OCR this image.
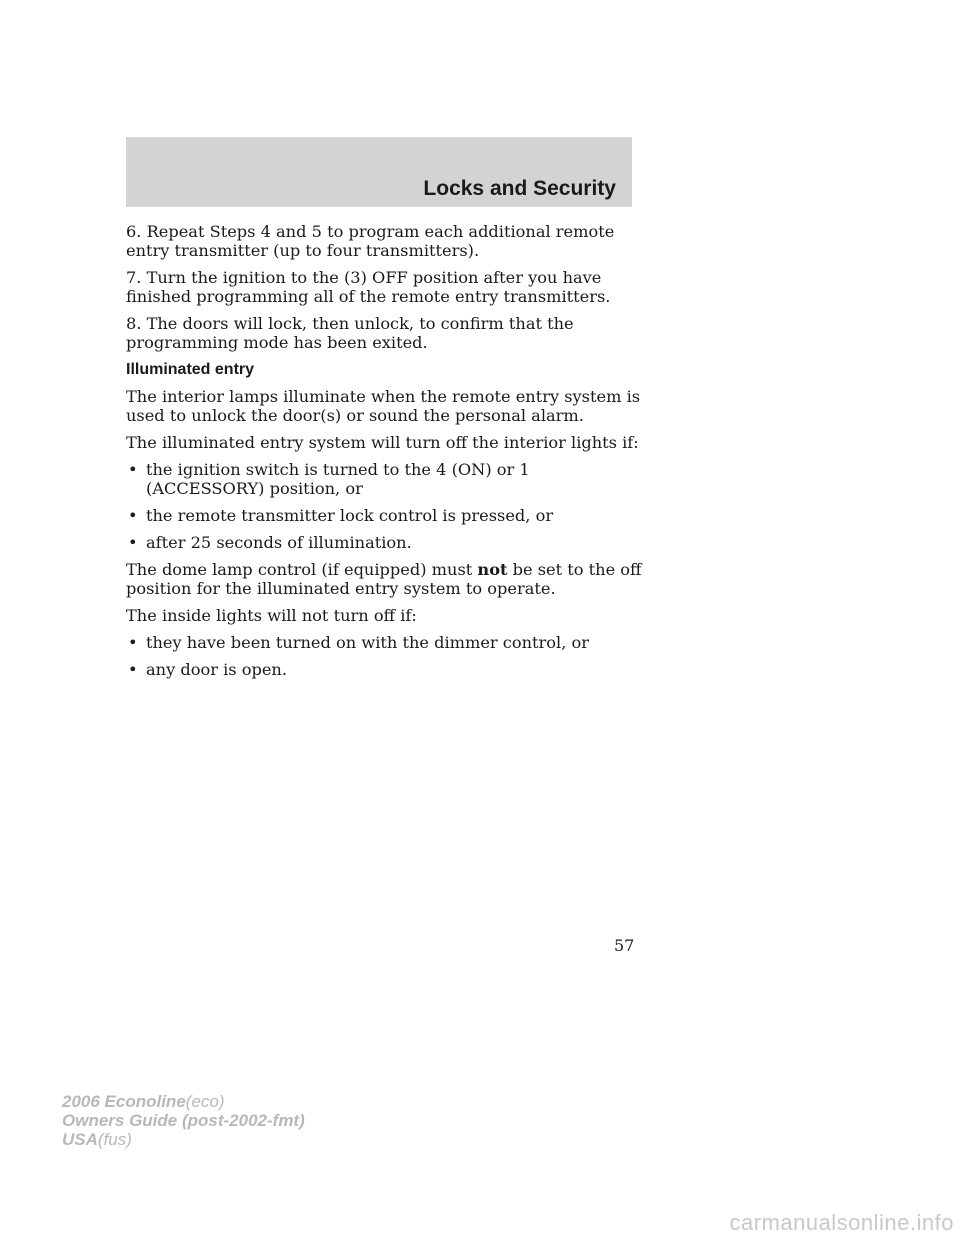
Locks and Security

6. Repeat Steps 4 and 5 to program each additional remote entry transmitter (up to four transmitters).

7. Turn the ignition to the (3) OFF position after you have finished programming all of the remote entry transmitters.

8. The doors will lock, then unlock, to confirm that the programming mode has been exited.

Illuminated entry

The interior lamps illuminate when the remote entry system is used to unlock the door(s) or sound the personal alarm.

The illuminated entry system will turn off the interior lights if:

• the ignition switch is turned to the 4 (ON) or 1 (ACCESSORY) position, or
• the remote transmitter lock control is pressed, or
• after 25 seconds of illumination.

The dome lamp control (if equipped) must not be set to the off position for the illuminated entry system to operate.

The inside lights will not turn off if:

• they have been turned on with the dimmer control, or
• any door is open.
57
2006 Econoline(eco)
Owners Guide (post-2002-fmt)
USA(fus)
carmanualsonline.info
